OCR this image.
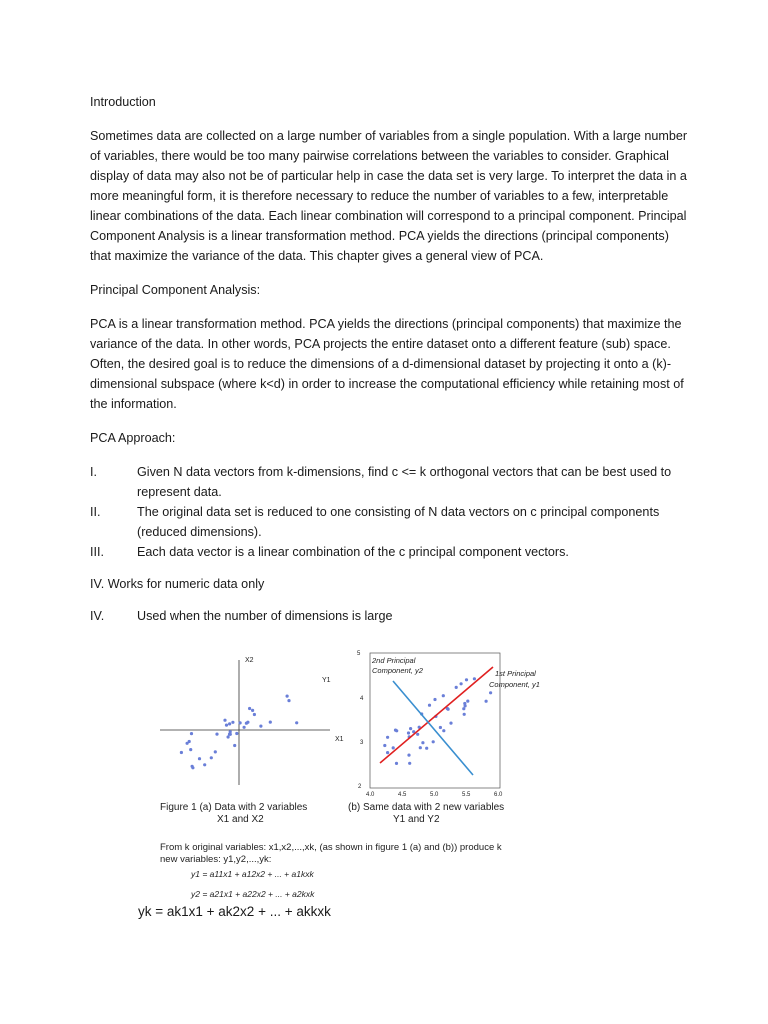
Introduction

Sometimes data are collected on a large number of variables from a single population. With a large number of variables, there would be too many pairwise correlations between the variables to consider. Graphical display of data may also not be of particular help in case the data set is very large. To interpret the data in a more meaningful form, it is therefore necessary to reduce the number of variables to a few, interpretable linear combinations of the data. Each linear combination will correspond to a principal component. Principal Component Analysis is a linear transformation method. PCA yields the directions (principal components) that maximize the variance of the data. This chapter gives a general view of PCA.

Principal Component Analysis:

PCA is a linear transformation method. PCA yields the directions (principal components) that maximize the variance of the data. In other words, PCA projects the entire dataset onto a different feature (sub) space. Often, the desired goal is to reduce the dimensions of a d-dimensional dataset by projecting it onto a (k)- dimensional subspace (where k<d) in order to increase the computational efficiency while retaining most of the information.

PCA Approach:

I.	Given N data vectors from k-dimensions, find c <= k orthogonal vectors that can be best used to represent data.
II.	The original data set is reduced to one consisting of N data vectors on c principal components (reduced dimensions).
III.	Each data vector is a linear combination of the c principal component vectors.

IV. Works for numeric data only

IV.	Used when the number of dimensions is large

X1
X2
Y1
5
4
3
2
4.0	4.5	5.0	5.5	6.0
2nd Principal
Component, y2	1st Principal
Component, y1
Figure 1 (a) Data with 2 variables
X1 and X2
(b) Same data with 2 new variables
Y1 and Y2
From k original variables: x1,x2,...,xk, (as shown in figure 1 (a) and (b)) produce k
new variables: y1,y2,...,yk:
y1 = a11x1 + a12x2 + ... + a1kxk
y2 = a21x1 + a22x2 + ... + a2kxk
yk = ak1x1 + ak2x2 + ... + akkxk
